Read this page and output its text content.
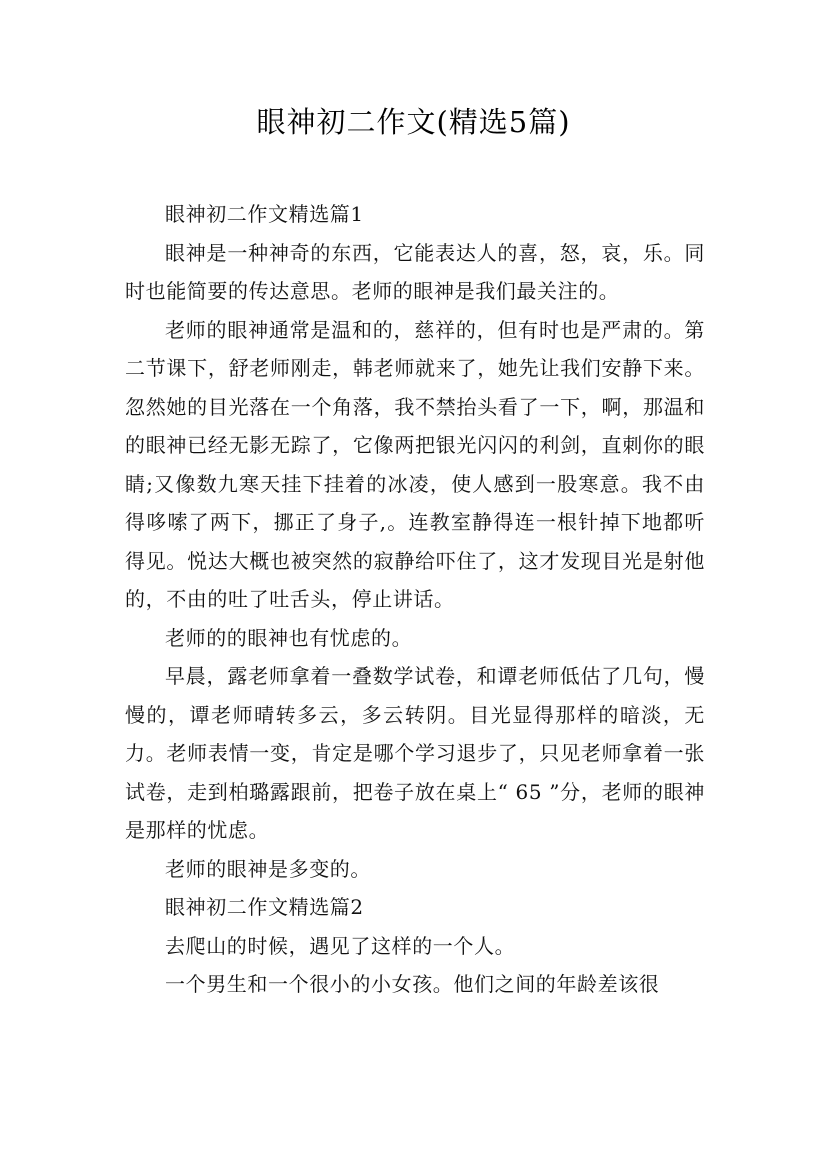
眼神初二作文(精选5篇)

眼神初二作文精选篇1

眼神是一种神奇的东西，它能表达人的喜，怒，哀，乐。同时也能简要的传达意思。老师的眼神是我们最关注的。

老师的眼神通常是温和的，慈祥的，但有时也是严肃的。第二节课下，舒老师刚走，韩老师就来了，她先让我们安静下来。忽然她的目光落在一个角落，我不禁抬头看了一下，啊，那温和的眼神已经无影无踪了，它像两把银光闪闪的利剑，直刺你的眼睛;又像数九寒天挂下挂着的冰凌，使人感到一股寒意。我不由得哆嗦了两下，挪正了身子,。连教室静得连一根针掉下地都听得见。悦达大概也被突然的寂静给吓住了，这才发现目光是射他的，不由的吐了吐舌头，停止讲话。

老师的的眼神也有忧虑的。

早晨，露老师拿着一叠数学试卷，和谭老师低估了几句，慢慢的，谭老师晴转多云，多云转阴。目光显得那样的暗淡，无力。老师表情一变，肯定是哪个学习退步了，只见老师拿着一张试卷，走到柏璐露跟前，把卷子放在桌上“ 65 ”分，老师的眼神是那样的忧虑。

老师的眼神是多变的。

眼神初二作文精选篇2

去爬山的时候，遇见了这样的一个人。

一个男生和一个很小的小女孩。他们之间的年龄差该很
